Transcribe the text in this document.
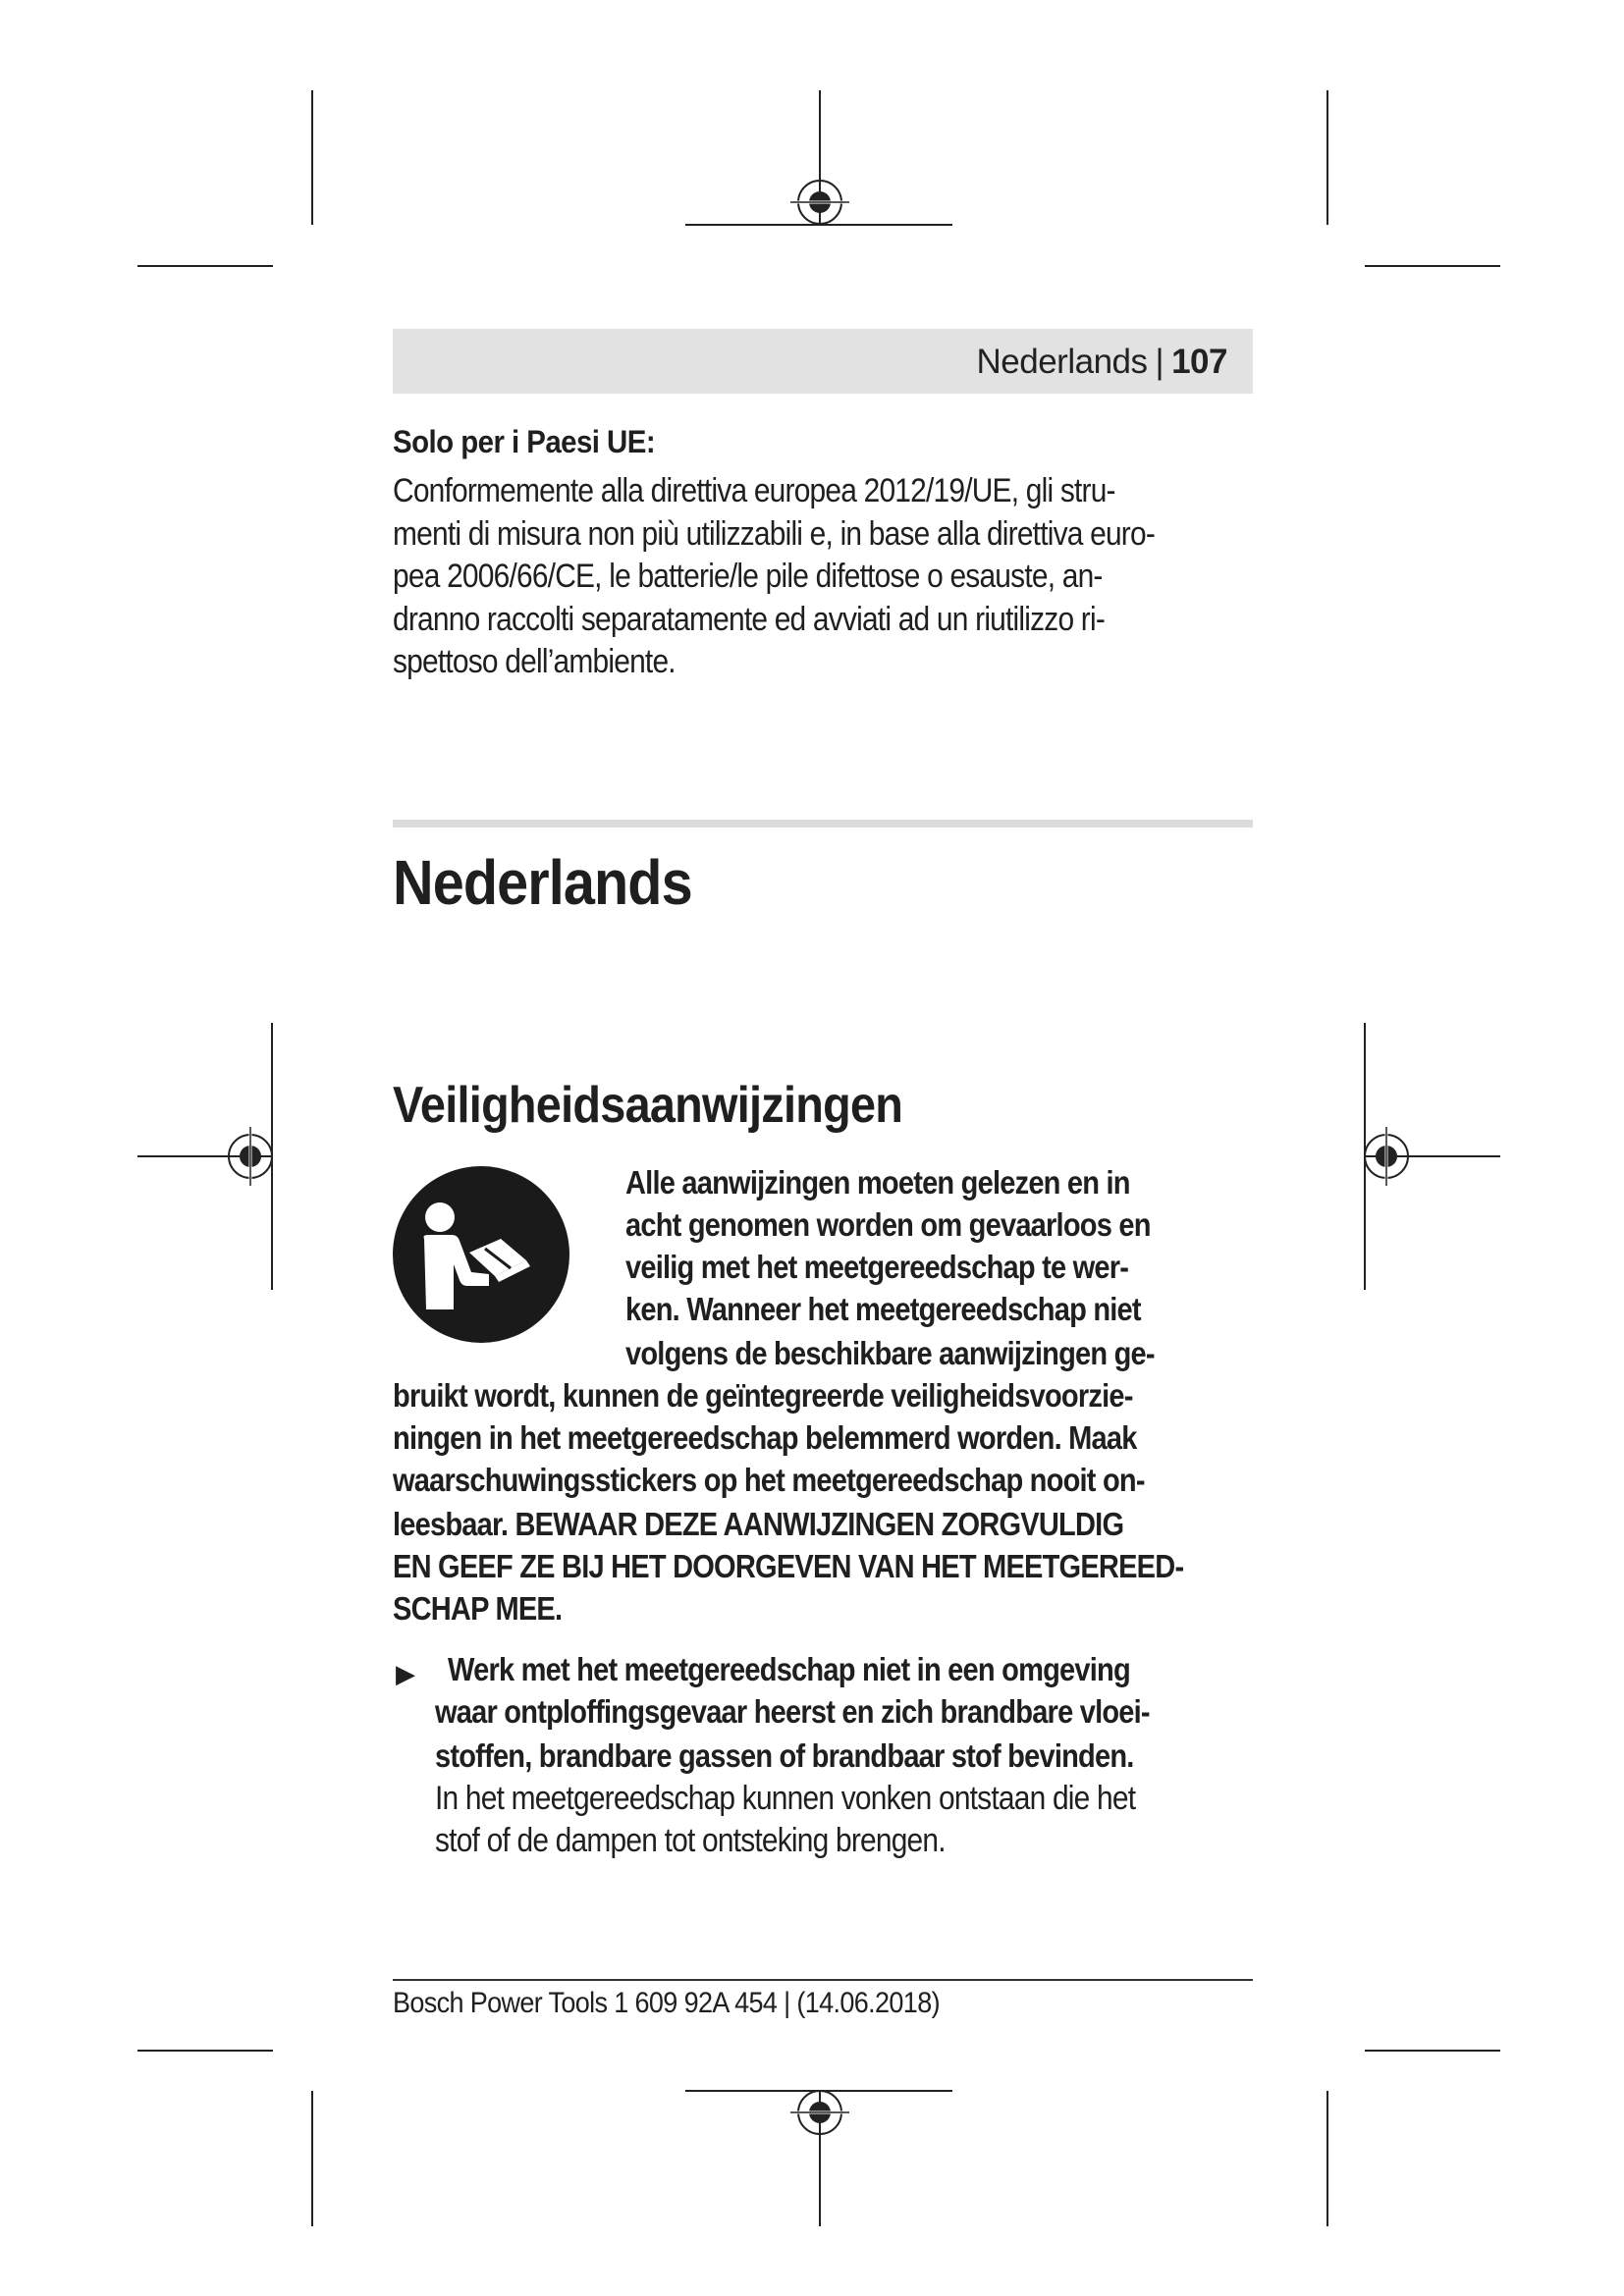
Nederlands | 107
Solo per i Paesi UE:
Conformemente alla direttiva europea 2012/19/UE, gli stru-
menti di misura non più utilizzabili e, in base alla direttiva euro-
pea 2006/66/CE, le batterie/le pile difettose o esauste, an-
dranno raccolti separatamente ed avviati ad un riutilizzo ri-
spettoso dell’ambiente.
Nederlands
Veiligheidsaanwijzingen
Alle aanwijzingen moeten gelezen en in
acht genomen worden om gevaarloos en
veilig met het meetgereedschap te wer-
ken. Wanneer het meetgereedschap niet
volgens de beschikbare aanwijzingen ge-
bruikt wordt, kunnen de geïntegreerde veiligheidsvoorzie-
ningen in het meetgereedschap belemmerd worden. Maak
waarschuwingsstickers op het meetgereedschap nooit on-
leesbaar. BEWAAR DEZE AANWIJZINGEN ZORGVULDIG
EN GEEF ZE BIJ HET DOORGEVEN VAN HET MEETGEREED-
SCHAP MEE.
▶ Werk met het meetgereedschap niet in een omgeving
waar ontploffingsgevaar heerst en zich brandbare vloei-
stoffen, brandbare gassen of brandbaar stof bevinden.
In het meetgereedschap kunnen vonken ontstaan die het
stof of de dampen tot ontsteking brengen.
Bosch Power Tools 1 609 92A 454 | (14.06.2018)
